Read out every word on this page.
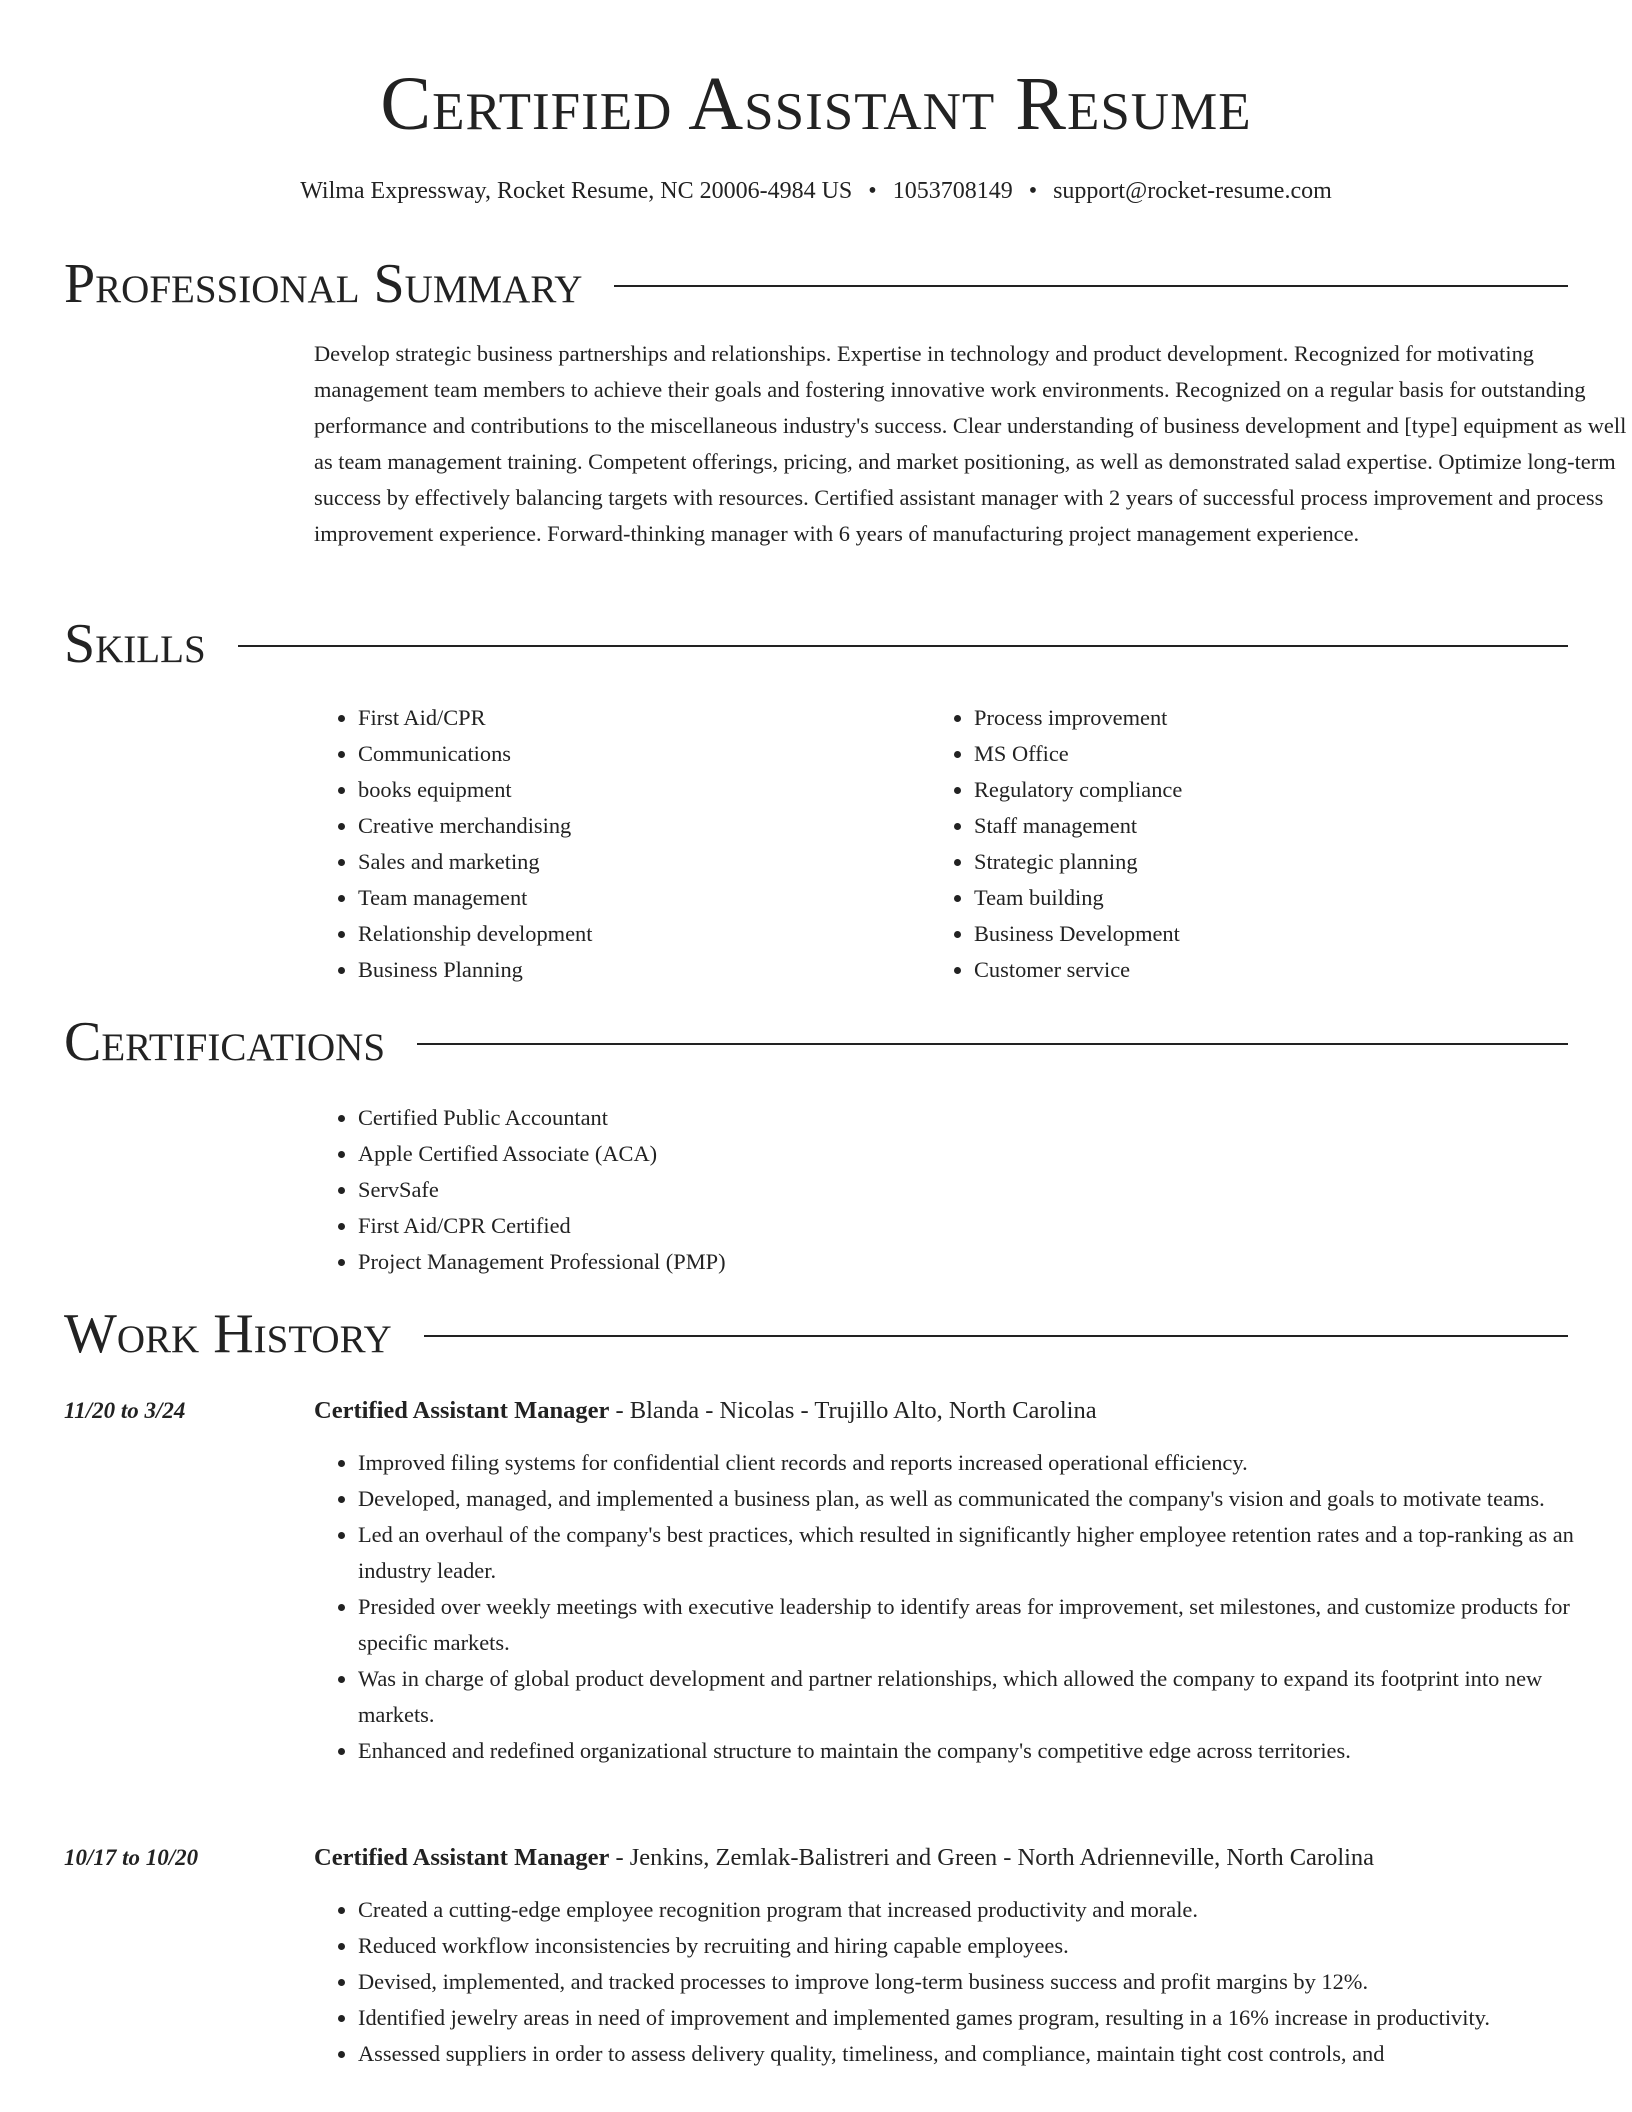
Certified Assistant Resume
Wilma Expressway, Rocket Resume, NC 20006-4984 US • 1053708149 • support@rocket-resume.com
Professional Summary

Develop strategic business partnerships and relationships. Expertise in technology and product development. Recognized for motivating management team members to achieve their goals and fostering innovative work environments. Recognized on a regular basis for outstanding performance and contributions to the miscellaneous industry's success. Clear understanding of business development and [type] equipment as well as team management training. Competent offerings, pricing, and market positioning, as well as demonstrated salad expertise. Optimize long-term success by effectively balancing targets with resources. Certified assistant manager with 2 years of successful process improvement and process improvement experience. Forward-thinking manager with 6 years of manufacturing project management experience.

Skills
• First Aid/CPR
• Communications
• books equipment
• Creative merchandising
• Sales and marketing
• Team management
• Relationship development
• Business Planning
• Process improvement
• MS Office
• Regulatory compliance
• Staff management
• Strategic planning
• Team building
• Business Development
• Customer service
Certifications
• Certified Public Accountant
• Apple Certified Associate (ACA)
• ServSafe
• First Aid/CPR Certified
• Project Management Professional (PMP)
Work History
11/20 to 3/24	Certified Assistant Manager - Blanda - Nicolas - Trujillo Alto, North Carolina
• Improved filing systems for confidential client records and reports increased operational efficiency.
• Developed, managed, and implemented a business plan, as well as communicated the company's vision and goals to motivate teams.
• Led an overhaul of the company's best practices, which resulted in significantly higher employee retention rates and a top-ranking as an industry leader.
• Presided over weekly meetings with executive leadership to identify areas for improvement, set milestones, and customize products for specific markets.
• Was in charge of global product development and partner relationships, which allowed the company to expand its footprint into new markets.
• Enhanced and redefined organizational structure to maintain the company's competitive edge across territories.
10/17 to 10/20	Certified Assistant Manager - Jenkins, Zemlak-Balistreri and Green - North Adrienneville, North Carolina
• Created a cutting-edge employee recognition program that increased productivity and morale.
• Reduced workflow inconsistencies by recruiting and hiring capable employees.
• Devised, implemented, and tracked processes to improve long-term business success and profit margins by 12%.
• Identified jewelry areas in need of improvement and implemented games program, resulting in a 16% increase in productivity.
• Assessed suppliers in order to assess delivery quality, timeliness, and compliance, maintain tight cost controls, and
